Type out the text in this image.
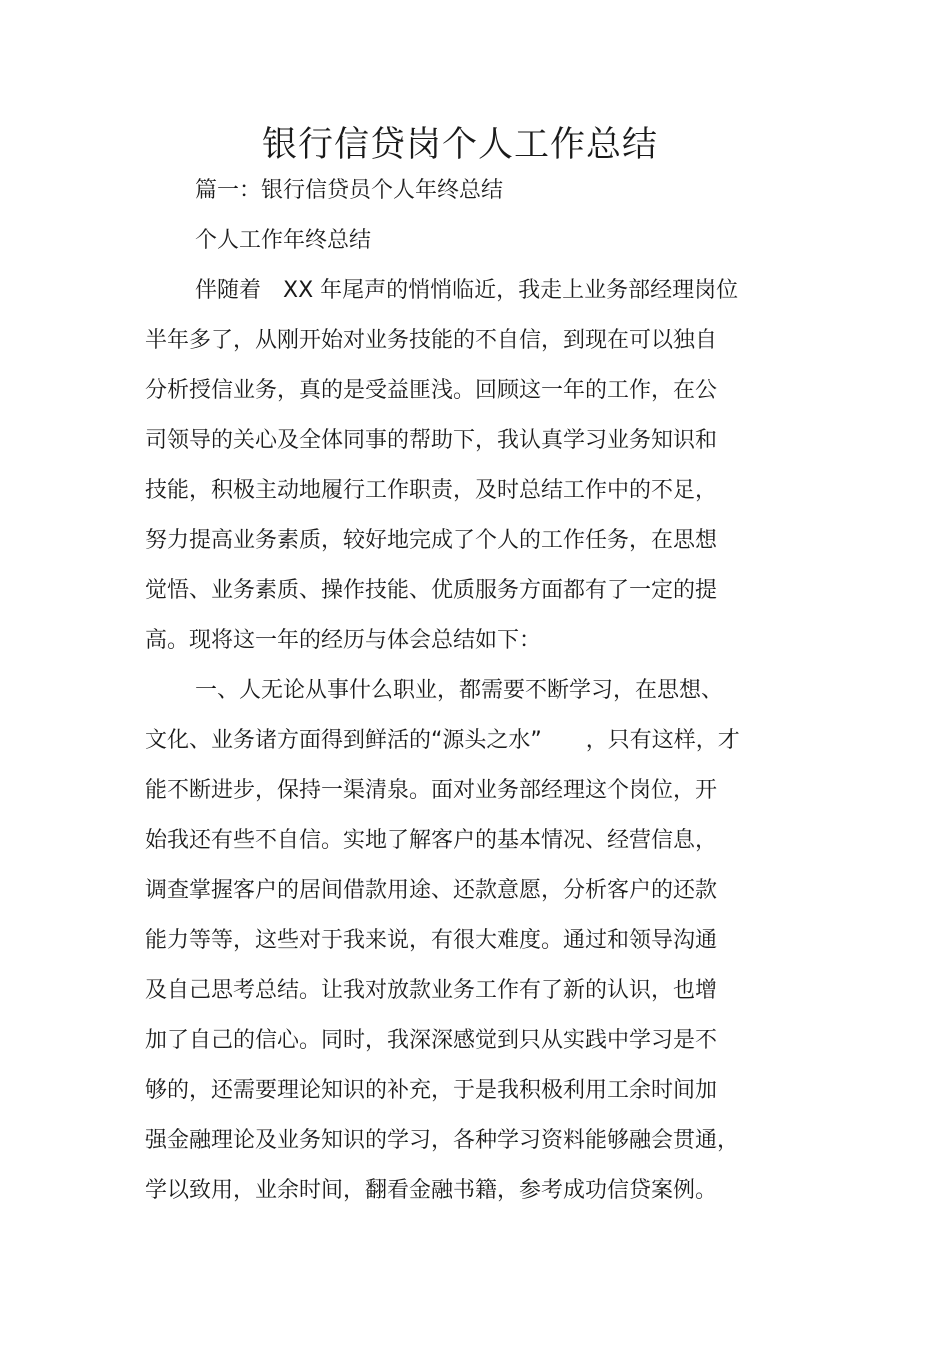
银行信贷岗个人工作总结
篇一：银行信贷员个人年终总结
个人工作年终总结
伴随着　XX 年尾声的悄悄临近，我走上业务部经理岗位
半年多了，从刚开始对业务技能的不自信，到现在可以独自
分析授信业务，真的是受益匪浅。回顾这一年的工作，在公
司领导的关心及全体同事的帮助下，我认真学习业务知识和
技能，积极主动地履行工作职责，及时总结工作中的不足，
努力提高业务素质，较好地完成了个人的工作任务，在思想
觉悟、业务素质、操作技能、优质服务方面都有了一定的提
高。现将这一年的经历与体会总结如下：
一、人无论从事什么职业，都需要不断学习，在思想、
文化、业务诸方面得到鲜活的“源头之水”　　，只有这样，才
能不断进步，保持一渠清泉。面对业务部经理这个岗位，开
始我还有些不自信。实地了解客户的基本情况、经营信息，
调查掌握客户的居间借款用途、还款意愿，分析客户的还款
能力等等，这些对于我来说，有很大难度。通过和领导沟通
及自己思考总结。让我对放款业务工作有了新的认识，也增
加了自己的信心。同时，我深深感觉到只从实践中学习是不
够的，还需要理论知识的补充，于是我积极利用工余时间加
强金融理论及业务知识的学习，各种学习资料能够融会贯通，
学以致用，业余时间，翻看金融书籍，参考成功信贷案例。
